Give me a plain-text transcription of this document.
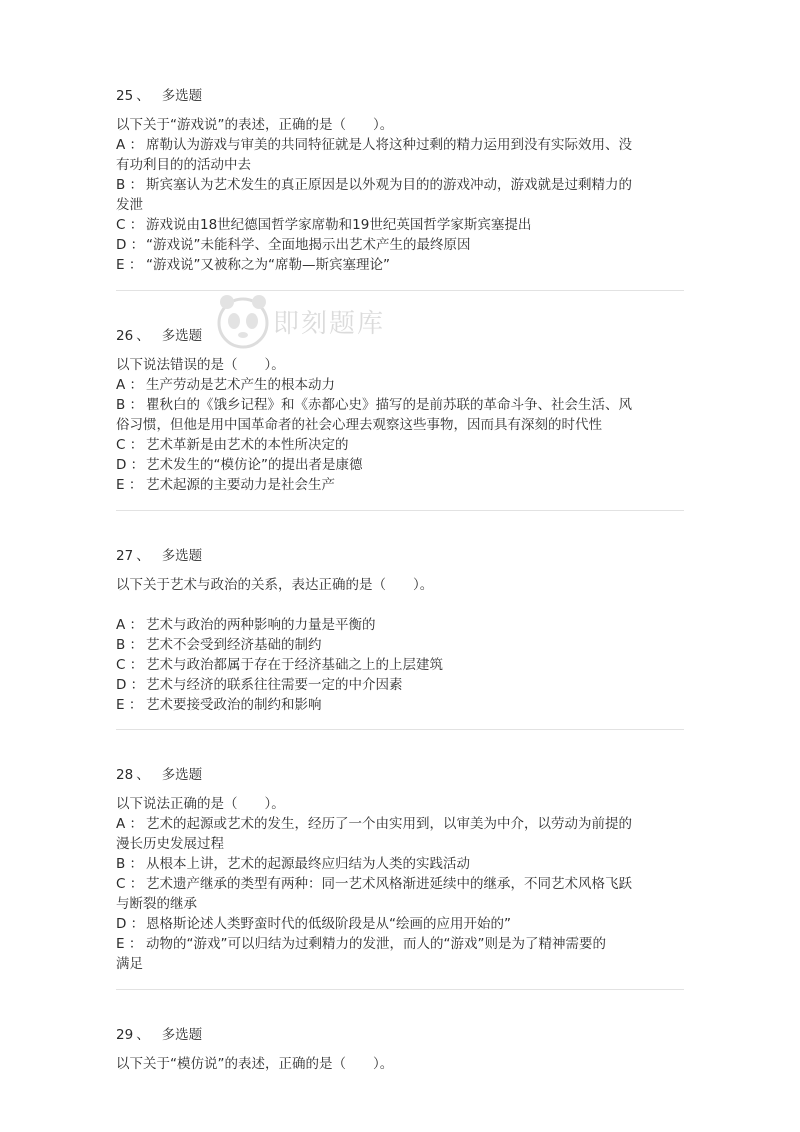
即刻题库
25 、 多选题
以下关于“游戏说”的表述，正确的是（　　）。
A ： 席勒认为游戏与审美的共同特征就是人将这种过剩的精力运用到没有实际效用、没
有功利目的的活动中去
B ： 斯宾塞认为艺术发生的真正原因是以外观为目的的游戏冲动，游戏就是过剩精力的
发泄
C ： 游戏说由18世纪德国哲学家席勒和19世纪英国哲学家斯宾塞提出
D ： “游戏说”未能科学、全面地揭示出艺术产生的最终原因
E ： “游戏说”又被称之为“席勒—斯宾塞理论”
26 、 多选题
以下说法错误的是（　　）。
A ： 生产劳动是艺术产生的根本动力
B ： 瞿秋白的《饿乡记程》和《赤都心史》描写的是前苏联的革命斗争、社会生活、风
俗习惯，但他是用中国革命者的社会心理去观察这些事物，因而具有深刻的时代性
C ： 艺术革新是由艺术的本性所决定的
D ： 艺术发生的“模仿论”的提出者是康德
E ： 艺术起源的主要动力是社会生产
27 、 多选题
以下关于艺术与政治的关系，表达正确的是（　　）。
A ： 艺术与政治的两种影响的力量是平衡的
B ： 艺术不会受到经济基础的制约
C ： 艺术与政治都属于存在于经济基础之上的上层建筑
D ： 艺术与经济的联系往往需要一定的中介因素
E ： 艺术要接受政治的制约和影响
28 、 多选题
以下说法正确的是（　　）。
A ： 艺术的起源或艺术的发生，经历了一个由实用到，以审美为中介，以劳动为前提的
漫长历史发展过程
B ： 从根本上讲，艺术的起源最终应归结为人类的实践活动
C ： 艺术遗产继承的类型有两种：同一艺术风格渐进延续中的继承，不同艺术风格飞跃
与断裂的继承
D ： 恩格斯论述人类野蛮时代的低级阶段是从“绘画的应用开始的”
E ： 动物的“游戏”可以归结为过剩精力的发泄，而人的“游戏”则是为了精神需要的
满足
29 、 多选题
以下关于“模仿说”的表述，正确的是（　　）。
